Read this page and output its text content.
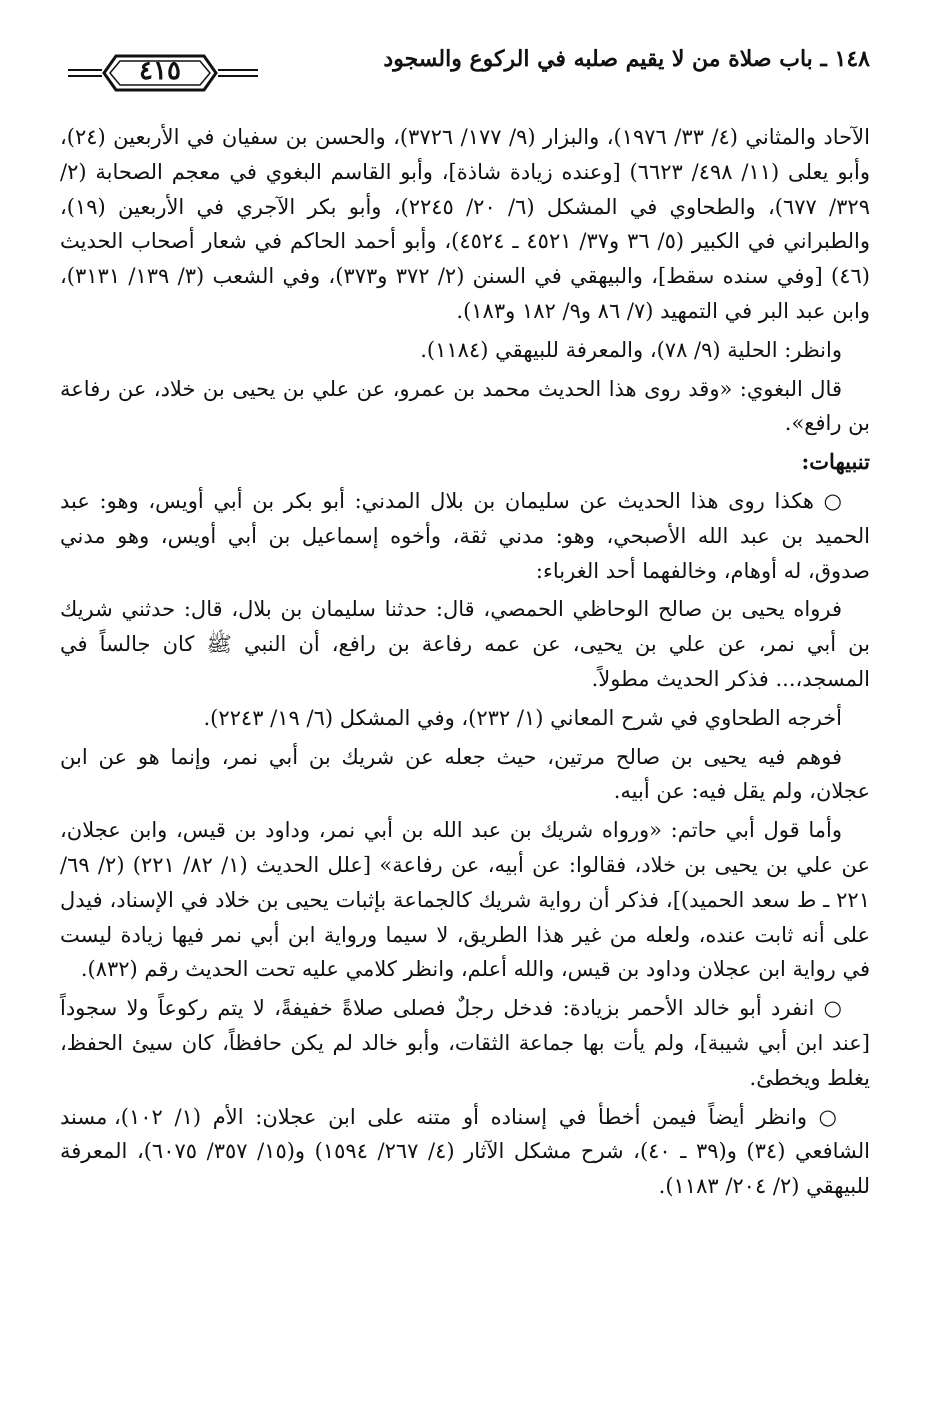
١٤٨ ـ باب صلاة من لا يقيم صلبه في الركوع والسجود
٤١٥

الآحاد والمثاني (٤/ ٣٣/ ١٩٧٦)، والبزار (٩/ ١٧٧/ ٣٧٢٦)، والحسن بن سفيان في الأربعين (٢٤)، وأبو يعلى (١١/ ٤٩٨/ ٦٦٢٣) [وعنده زيادة شاذة]، وأبو القاسم البغوي في معجم الصحابة (٢/ ٣٢٩/ ٦٧٧)، والطحاوي في المشكل (٦/ ٢٠/ ٢٢٤٥)، وأبو بكر الآجري في الأربعين (١٩)، والطبراني في الكبير (٥/ ٣٦ و٣٧/ ٤٥٢١ ـ ٤٥٢٤)، وأبو أحمد الحاكم في شعار أصحاب الحديث (٤٦) [وفي سنده سقط]، والبيهقي في السنن (٢/ ٣٧٢ و٣٧٣)، وفي الشعب (٣/ ١٣٩/ ٣١٣١)، وابن عبد البر في التمهيد (٧/ ٨٦ و٩/ ١٨٢ و١٨٣).

وانظر: الحلية (٩/ ٧٨)، والمعرفة للبيهقي (١١٨٤).

قال البغوي: «وقد روى هذا الحديث محمد بن عمرو، عن علي بن يحيى بن خلاد، عن رفاعة بن رافع».

تنبيهات:

○ هكذا روى هذا الحديث عن سليمان بن بلال المدني: أبو بكر بن أبي أويس، وهو: عبد الحميد بن عبد الله الأصبحي، وهو: مدني ثقة، وأخوه إسماعيل بن أبي أويس، وهو مدني صدوق، له أوهام، وخالفهما أحد الغرباء:

فرواه يحيى بن صالح الوحاظي الحمصي، قال: حدثنا سليمان بن بلال، قال: حدثني شريك بن أبي نمر، عن علي بن يحيى، عن عمه رفاعة بن رافع، أن النبي ﷺ كان جالساً في المسجد،... فذكر الحديث مطولاً.

أخرجه الطحاوي في شرح المعاني (١/ ٢٣٢)، وفي المشكل (٦/ ١٩/ ٢٢٤٣).

فوهم فيه يحيى بن صالح مرتين، حيث جعله عن شريك بن أبي نمر، وإنما هو عن ابن عجلان، ولم يقل فيه: عن أبيه.

وأما قول أبي حاتم: «ورواه شريك بن عبد الله بن أبي نمر، وداود بن قيس، وابن عجلان، عن علي بن يحيى بن خلاد، فقالوا: عن أبيه، عن رفاعة» [علل الحديث (١/ ٨٢/ ٢٢١) (٢/ ٦٩/ ٢٢١ ـ ط سعد الحميد)]، فذكر أن رواية شريك كالجماعة بإثبات يحيى بن خلاد في الإسناد، فيدل على أنه ثابت عنده، ولعله من غير هذا الطريق، لا سيما ورواية ابن أبي نمر فيها زيادة ليست في رواية ابن عجلان وداود بن قيس، والله أعلم، وانظر كلامي عليه تحت الحديث رقم (٨٣٢).

○ انفرد أبو خالد الأحمر بزيادة: فدخل رجلٌ فصلى صلاةً خفيفةً، لا يتم ركوعاً ولا سجوداً [عند ابن أبي شيبة]، ولم يأت بها جماعة الثقات، وأبو خالد لم يكن حافظاً، كان سيئ الحفظ، يغلط ويخطئ.

○ وانظر أيضاً فيمن أخطأ في إسناده أو متنه على ابن عجلان: الأم (١/ ١٠٢)، مسند الشافعي (٣٤) و(٣٩ ـ ٤٠)، شرح مشكل الآثار (٤/ ٢٦٧/ ١٥٩٤) و(١٥/ ٣٥٧/ ٦٠٧٥)، المعرفة للبيهقي (٢/ ٢٠٤/ ١١٨٣).
